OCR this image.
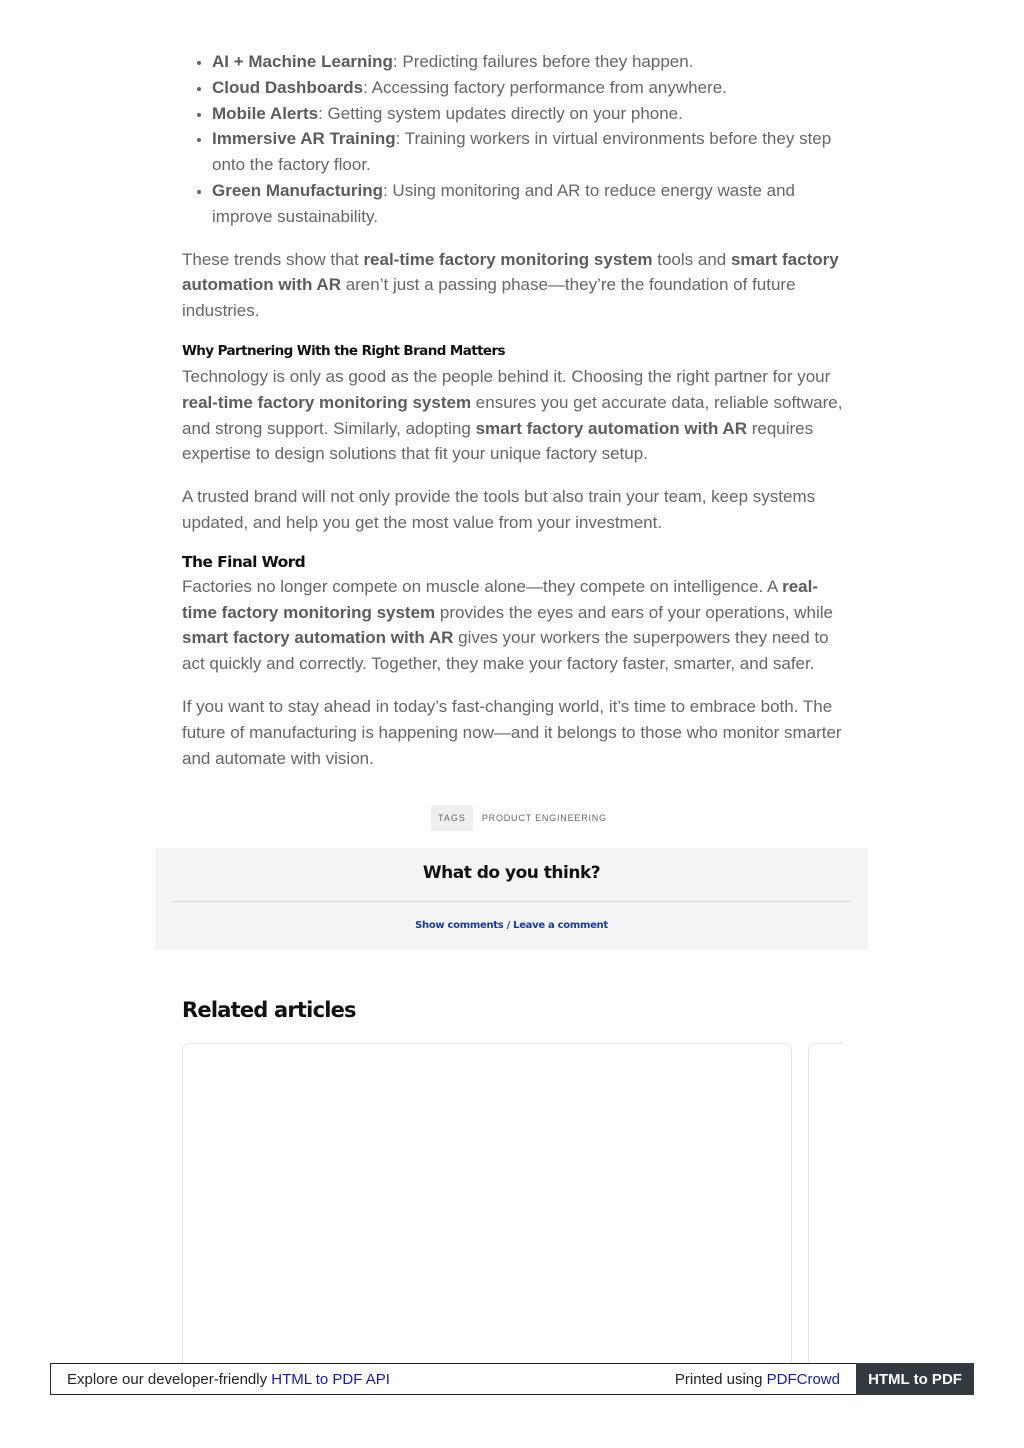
• AI + Machine Learning: Predicting failures before they happen.
• Cloud Dashboards: Accessing factory performance from anywhere.
• Mobile Alerts: Getting system updates directly on your phone.
• Immersive AR Training: Training workers in virtual environments before they step onto the factory floor.
• Green Manufacturing: Using monitoring and AR to reduce energy waste and improve sustainability.

These trends show that real-time factory monitoring system tools and smart factory automation with AR aren’t just a passing phase—they’re the foundation of future industries.

Why Partnering With the Right Brand Matters

Technology is only as good as the people behind it. Choosing the right partner for your real-time factory monitoring system ensures you get accurate data, reliable software, and strong support. Similarly, adopting smart factory automation with AR requires expertise to design solutions that fit your unique factory setup.

A trusted brand will not only provide the tools but also train your team, keep systems updated, and help you get the most value from your investment.

The Final Word

Factories no longer compete on muscle alone—they compete on intelligence. A real-time factory monitoring system provides the eyes and ears of your operations, while smart factory automation with AR gives your workers the superpowers they need to act quickly and correctly. Together, they make your factory faster, smarter, and safer.

If you want to stay ahead in today’s fast-changing world, it’s time to embrace both. The future of manufacturing is happening now—and it belongs to those who monitor smarter and automate with vision.

TAGS	PRODUCT ENGINEERING
What do you think?
Show comments / Leave a comment
Related articles
Explore our developer-friendly HTML to PDF API	Printed using PDFCrowd	HTML to PDF
